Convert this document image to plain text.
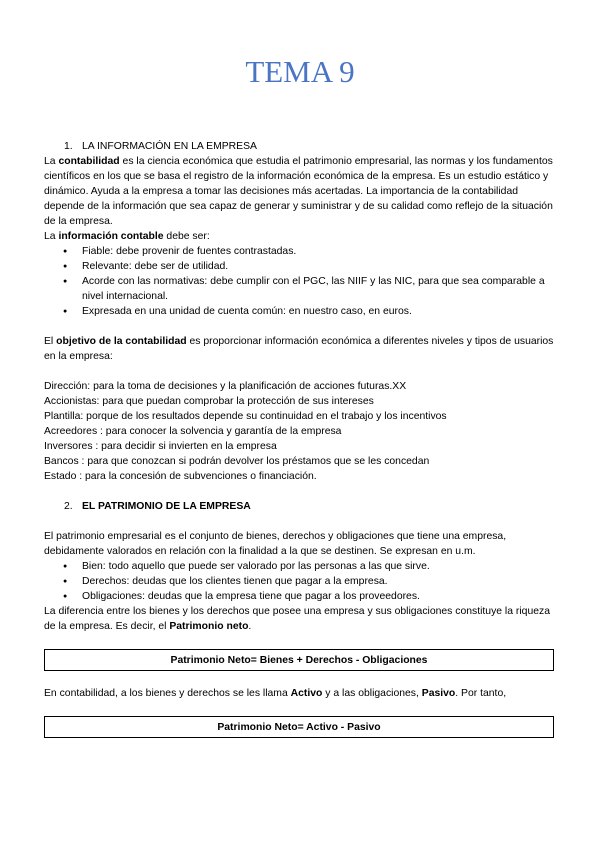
TEMA 9
1. LA INFORMACIÓN EN LA EMPRESA

La contabilidad es la ciencia económica que estudia el patrimonio empresarial, las normas y los fundamentos científicos en los que se basa el registro de la información económica de la empresa. Es un estudio estático y dinámico. Ayuda a la empresa a tomar las decisiones más acertadas. La importancia de la contabilidad depende de la información que sea capaz de generar y suministrar y de su calidad como reflejo de la situación de la empresa.

La información contable debe ser:

● Fiable: debe provenir de fuentes contrastadas.
● Relevante: debe ser de utilidad.
● Acorde con las normativas: debe cumplir con el PGC, las NIIF y las NIC, para que sea comparable a nivel internacional.
● Expresada en una unidad de cuenta común: en nuestro caso, en euros.

El objetivo de la contabilidad es proporcionar información económica a diferentes niveles y tipos de usuarios en la empresa:

Dirección: para la toma de decisiones y la planificación de acciones futuras.XX

Accionistas: para que puedan comprobar la protección de sus intereses

Plantilla: porque de los resultados depende su continuidad en el trabajo y los incentivos

Acreedores : para conocer la solvencia y garantía de la empresa

Inversores : para decidir si invierten en la empresa

Bancos : para que conozcan si podrán devolver los préstamos que se les concedan

Estado : para la concesión de subvenciones o financiación.

2. EL PATRIMONIO DE LA EMPRESA

El patrimonio empresarial es el conjunto de bienes, derechos y obligaciones que tiene una empresa, debidamente valorados en relación con la finalidad a la que se destinen. Se expresan en u.m.

● Bien: todo aquello que puede ser valorado por las personas a las que sirve.
● Derechos: deudas que los clientes tienen que pagar a la empresa.
● Obligaciones: deudas que la empresa tiene que pagar a los proveedores.

La diferencia entre los bienes y los derechos que posee una empresa y sus obligaciones constituye la riqueza de la empresa. Es decir, el Patrimonio neto.

Patrimonio Neto= Bienes + Derechos - Obligaciones

En contabilidad, a los bienes y derechos se les llama Activo y a las obligaciones, Pasivo. Por tanto,

Patrimonio Neto= Activo - Pasivo
